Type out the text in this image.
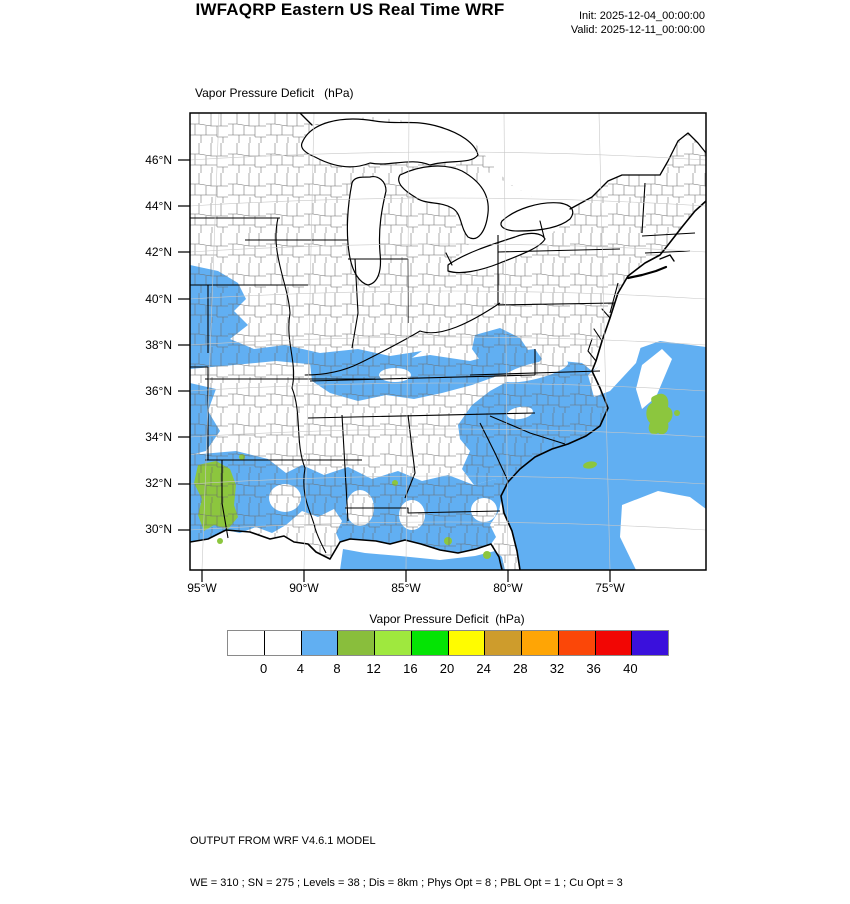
IWFAQRP Eastern US Real Time WRF	Init: 2025-12-04_00:00:00
Valid: 2025-12-11_00:00:00
Vapor Pressure Deficit   (hPa)
46°N
44°N
42°N
40°N
38°N
36°N
34°N
32°N
30°N
95°W	90°W	85°W	80°W	75°W
Vapor Pressure Deficit  (hPa)
0 4 8 12 16 20 24 28 32 36 40

OUTPUT FROM WRF V4.6.1 MODEL

WE = 310 ; SN = 275 ; Levels = 38 ; Dis = 8km ; Phys Opt = 8 ; PBL Opt = 1 ; Cu Opt = 3
